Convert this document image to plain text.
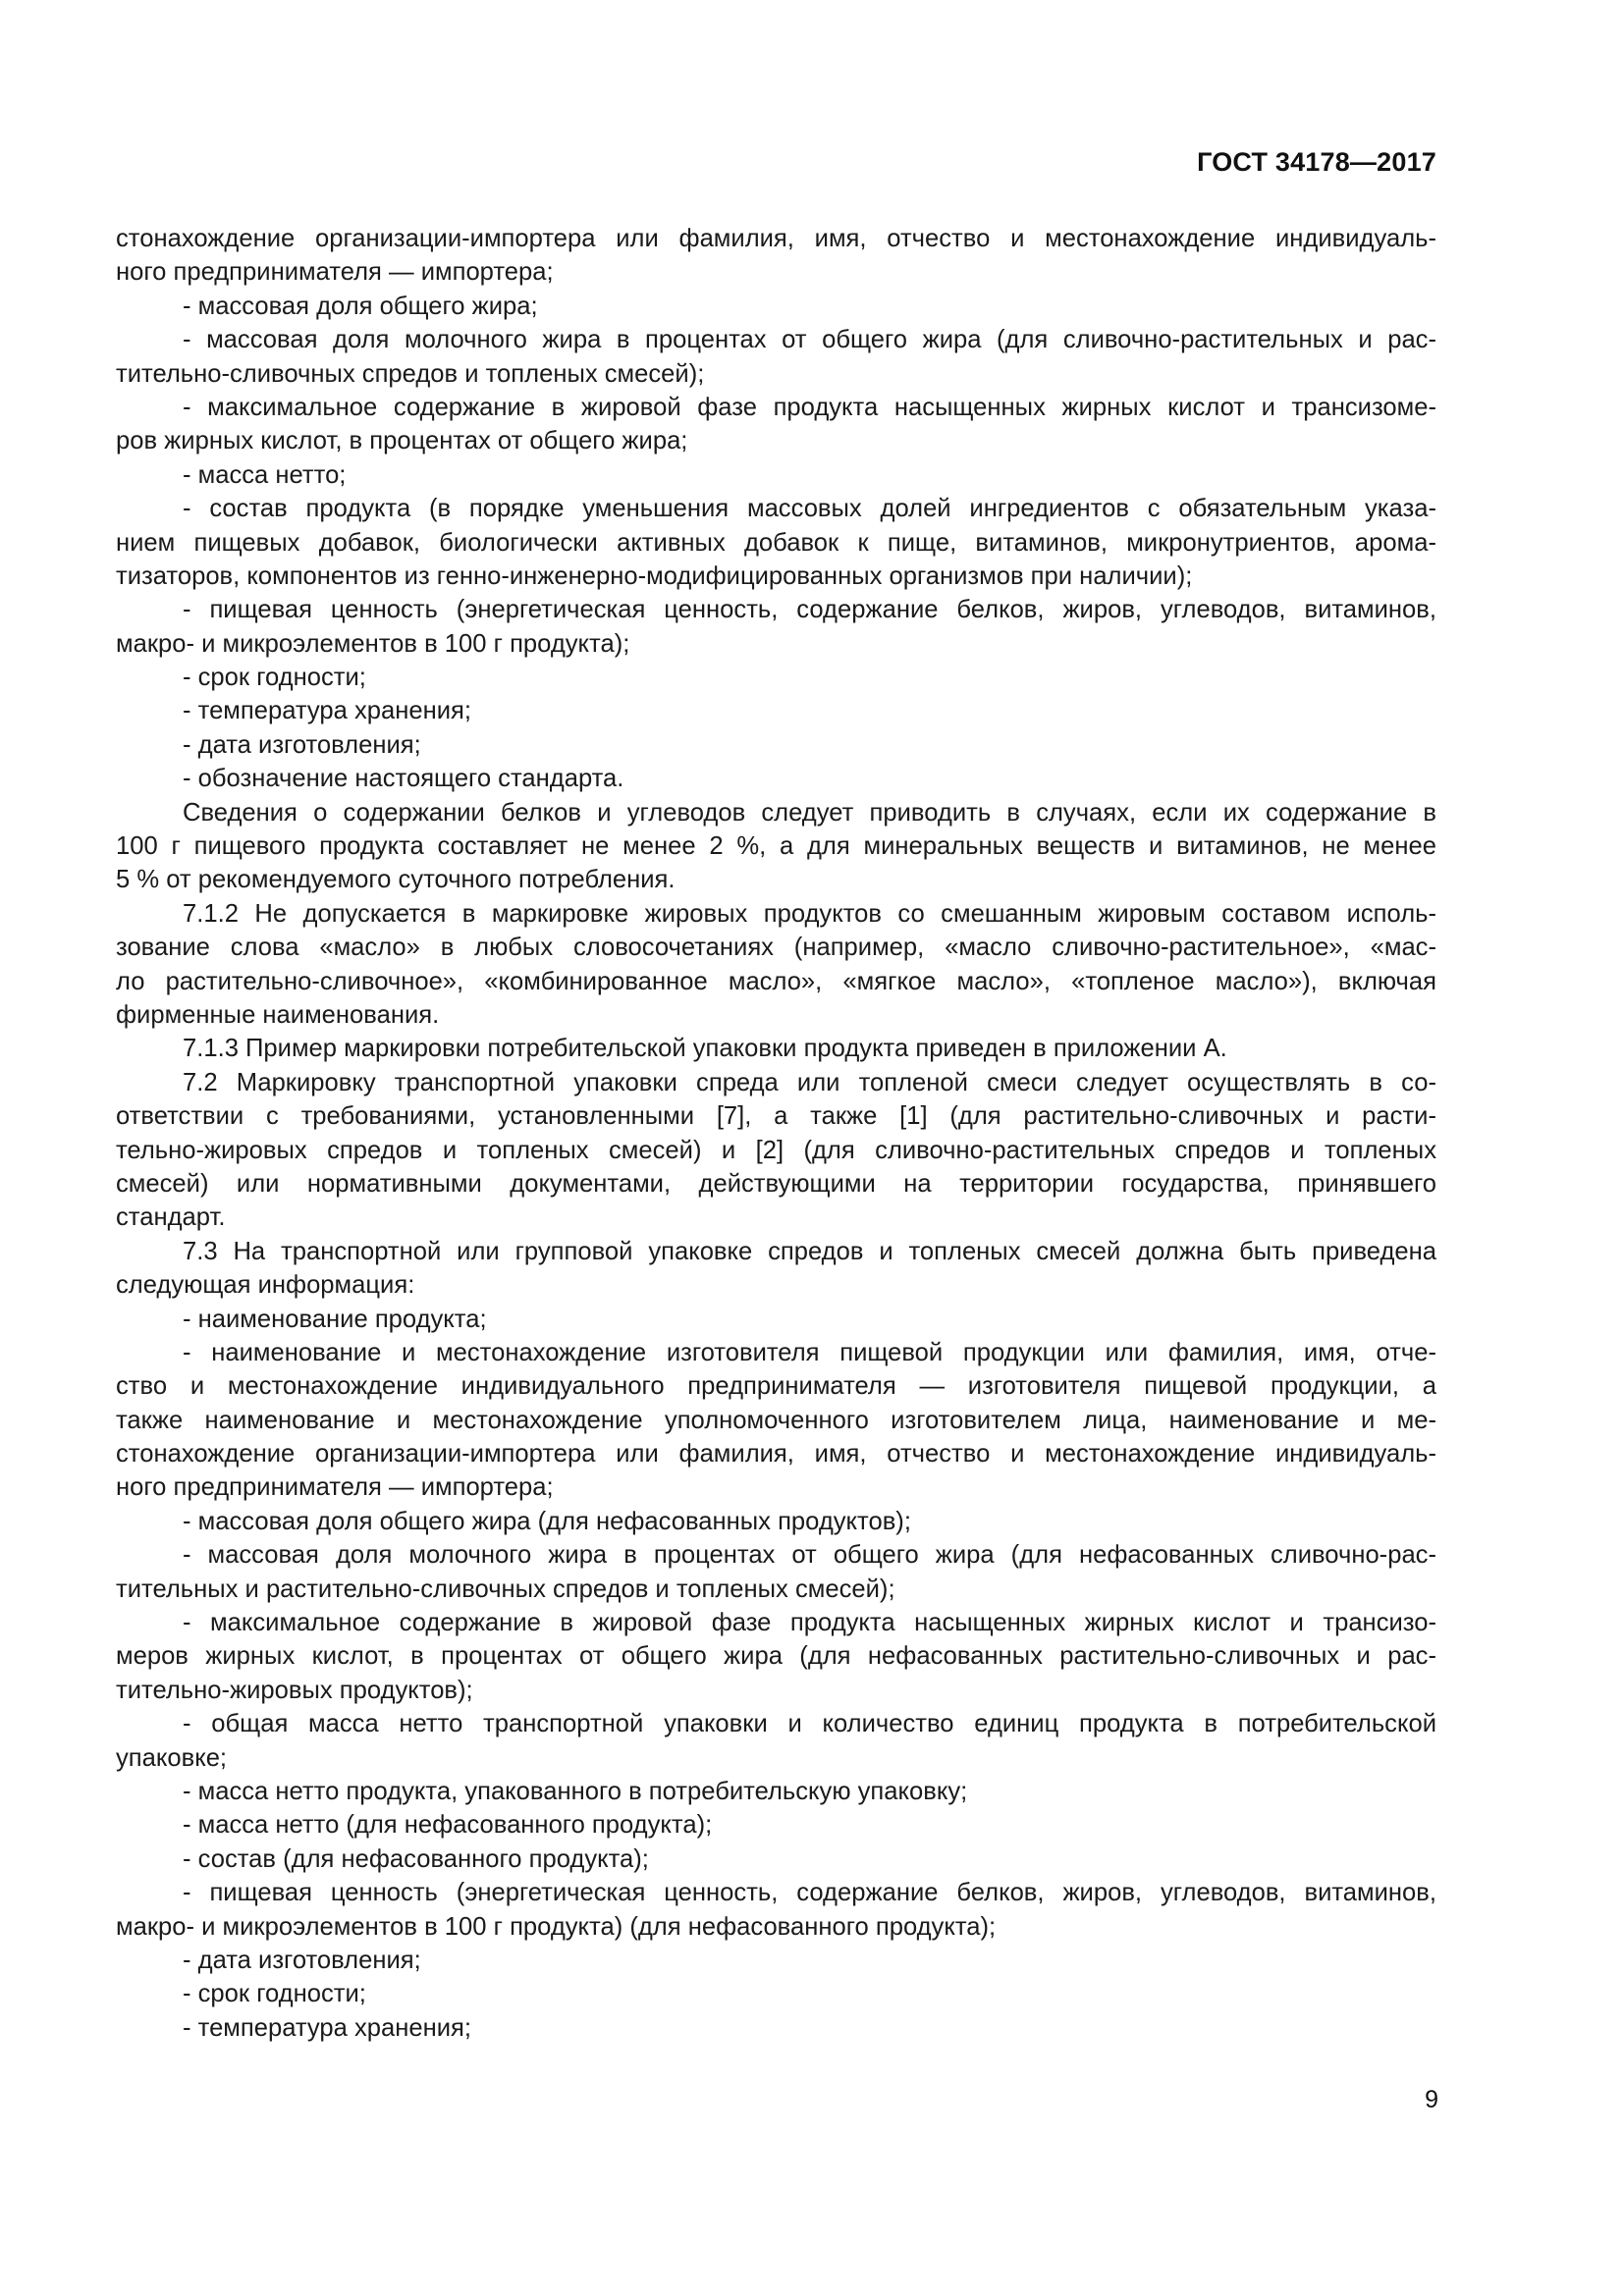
ГОСТ 34178—2017
стонахождение организации-импортера или фамилия, имя, отчество и местонахождение индивидуаль-
ного предпринимателя — импортера;
- массовая доля общего жира;
- массовая доля молочного жира в процентах от общего жира (для сливочно-растительных и рас-
тительно-сливочных спредов и топленых смесей);
- максимальное содержание в жировой фазе продукта насыщенных жирных кислот и трансизоме-
ров жирных кислот, в процентах от общего жира;
- масса нетто;
- состав продукта (в порядке уменьшения массовых долей ингредиентов с обязательным указа-
нием пищевых добавок, биологически активных добавок к пище, витаминов, микронутриентов, арома-
тизаторов, компонентов из генно-инженерно-модифицированных организмов при наличии);
- пищевая ценность (энергетическая ценность, содержание белков, жиров, углеводов, витаминов,
макро- и микроэлементов в 100 г продукта);
- срок годности;
- температура хранения;
- дата изготовления;
- обозначение настоящего стандарта.
Сведения о содержании белков и углеводов следует приводить в случаях, если их содержание в
100 г пищевого продукта составляет не менее 2 %, а для минеральных веществ и витаминов, не менее
5 % от рекомендуемого суточного потребления.
7.1.2 Не допускается в маркировке жировых продуктов со смешанным жировым составом исполь-
зование слова «масло» в любых словосочетаниях (например, «масло сливочно-растительное», «мас-
ло растительно-сливочное», «комбинированное масло», «мягкое масло», «топленое масло»), включая
фирменные наименования.
7.1.3 Пример маркировки потребительской упаковки продукта приведен в приложении А.
7.2 Маркировку транспортной упаковки спреда или топленой смеси следует осуществлять в со-
ответствии с требованиями, установленными [7], а также [1] (для растительно-сливочных и расти-
тельно-жировых спредов и топленых смесей) и [2] (для сливочно-растительных спредов и топленых
смесей) или нормативными документами, действующими на территории государства, принявшего
стандарт.
7.3 На транспортной или групповой упаковке спредов и топленых смесей должна быть приведена
следующая информация:
- наименование продукта;
- наименование и местонахождение изготовителя пищевой продукции или фамилия, имя, отче-
ство и местонахождение индивидуального предпринимателя — изготовителя пищевой продукции, а
также наименование и местонахождение уполномоченного изготовителем лица, наименование и ме-
стонахождение организации-импортера или фамилия, имя, отчество и местонахождение индивидуаль-
ного предпринимателя — импортера;
- массовая доля общего жира (для нефасованных продуктов);
- массовая доля молочного жира в процентах от общего жира (для нефасованных сливочно-рас-
тительных и растительно-сливочных спредов и топленых смесей);
- максимальное содержание в жировой фазе продукта насыщенных жирных кислот и трансизо-
меров жирных кислот, в процентах от общего жира (для нефасованных растительно-сливочных и рас-
тительно-жировых продуктов);
- общая масса нетто транспортной упаковки и количество единиц продукта в потребительской
упаковке;
- масса нетто продукта, упакованного в потребительскую упаковку;
- масса нетто (для нефасованного продукта);
- состав (для нефасованного продукта);
- пищевая ценность (энергетическая ценность, содержание белков, жиров, углеводов, витаминов,
макро- и микроэлементов в 100 г продукта) (для нефасованного продукта);
- дата изготовления;
- срок годности;
- температура хранения;
9
